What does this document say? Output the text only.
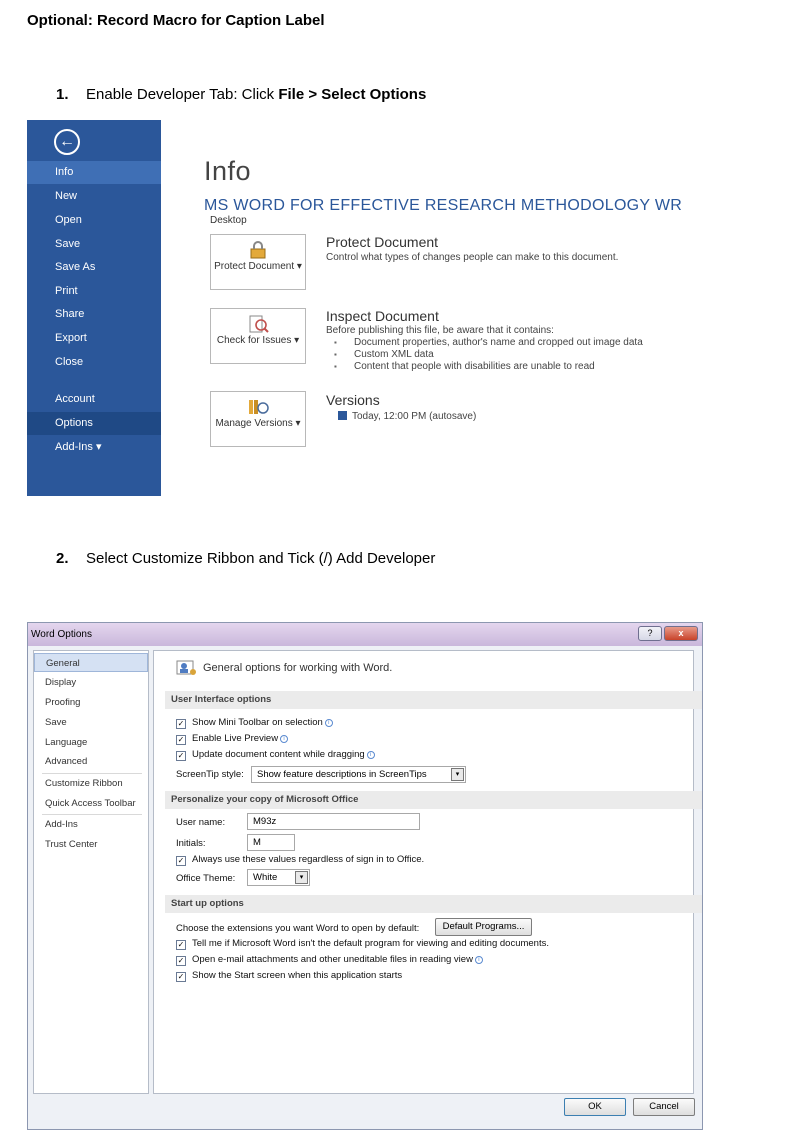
Optional: Record Macro for Caption Label
1. Enable Developer Tab: Click File > Select Options
←
Info
New
Open
Save
Save As
Print
Share
Export
Close
Account
Options
Add-Ins ▾
Info
MS WORD FOR EFFECTIVE RESEARCH METHODOLOGY WR
Desktop
Protect Document ▾
Protect Document
Control what types of changes people can make to this document.
Check for Issues ▾
Inspect Document
Before publishing this file, be aware that it contains:
▪ Document properties, author's name and cropped out image data
▪ Custom XML data
▪ Content that people with disabilities are unable to read
Manage Versions ▾
Versions
Today, 12:00 PM (autosave)
2. Select Customize Ribbon and Tick (/) Add Developer
Word Options	?	x
General
Display
Proofing
Save
Language
Advanced
Customize Ribbon
Quick Access Toolbar
Add-Ins
Trust Center
General options for working with Word.
User Interface options
✓ Show Mini Toolbar on selection i
✓ Enable Live Preview i
✓ Update document content while dragging i
ScreenTip style:	Show feature descriptions in ScreenTips	▾
Personalize your copy of Microsoft Office
User name:	M93z
Initials:	M
✓ Always use these values regardless of sign in to Office.
Office Theme:	White	▾
Start up options
Choose the extensions you want Word to open by default:	Default Programs...
✓ Tell me if Microsoft Word isn't the default program for viewing and editing documents.
✓ Open e-mail attachments and other uneditable files in reading view i
✓ Show the Start screen when this application starts
OK	Cancel
